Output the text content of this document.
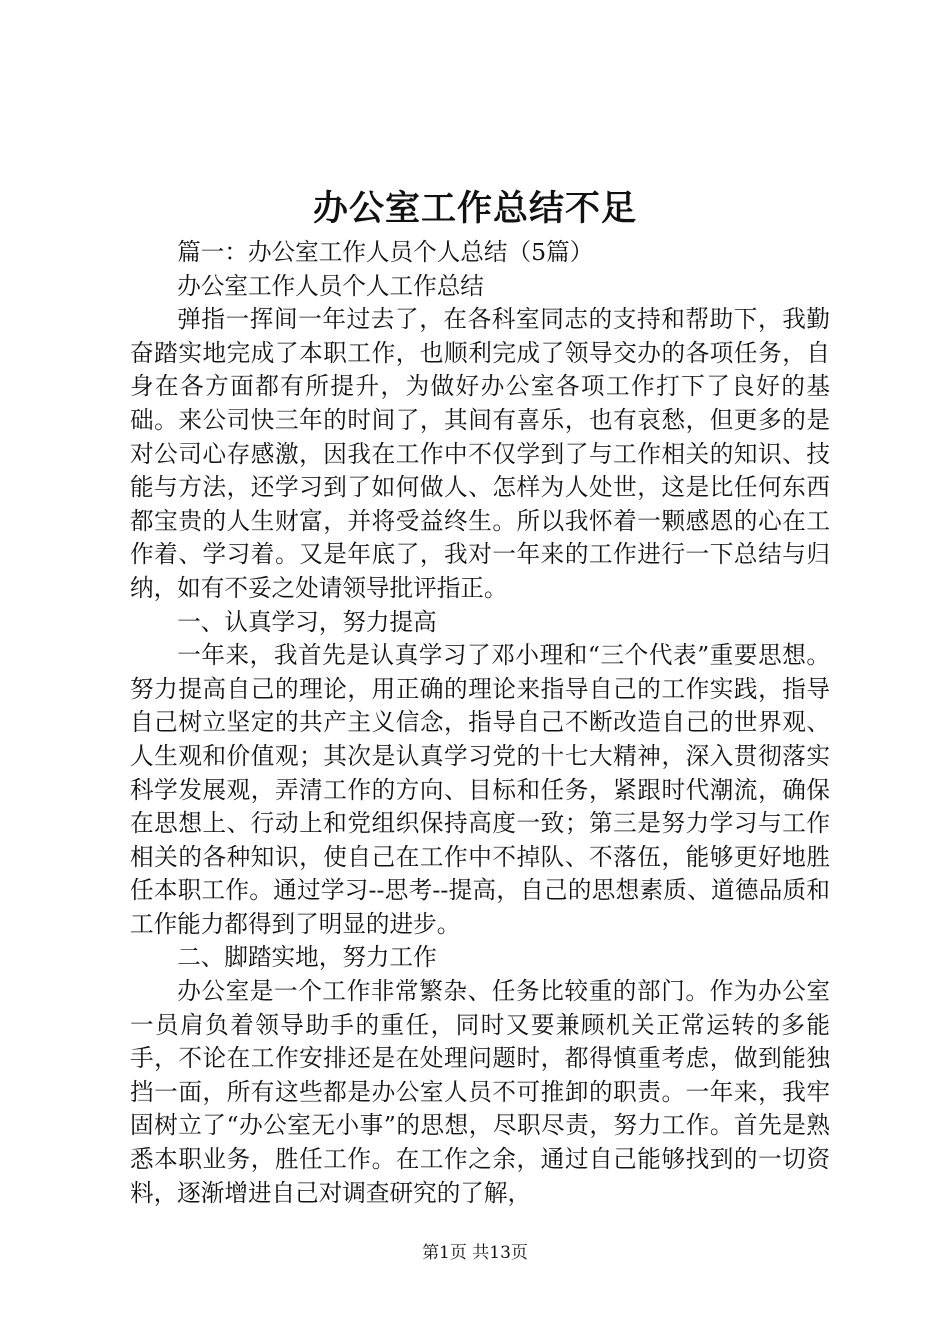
办公室工作总结不足

篇一：办公室工作人员个人总结（5篇）

办公室工作人员个人工作总结

弹指一挥间一年过去了，在各科室同志的支持和帮助下，我勤奋踏实地完成了本职工作，也顺利完成了领导交办的各项任务，自身在各方面都有所提升，为做好办公室各项工作打下了良好的基础。来公司快三年的时间了，其间有喜乐，也有哀愁，但更多的是对公司心存感激，因我在工作中不仅学到了与工作相关的知识、技能与方法，还学习到了如何做人、怎样为人处世，这是比任何东西都宝贵的人生财富，并将受益终生。所以我怀着一颗感恩的心在工作着、学习着。又是年底了，我对一年来的工作进行一下总结与归纳，如有不妥之处请领导批评指正。

一、认真学习，努力提高

一年来，我首先是认真学习了邓小理和“三个代表”重要思想。努力提高自己的理论，用正确的理论来指导自己的工作实践，指导自己树立坚定的共产主义信念，指导自己不断改造自己的世界观、人生观和价值观；其次是认真学习党的十七大精神，深入贯彻落实科学发展观，弄清工作的方向、目标和任务，紧跟时代潮流，确保在思想上、行动上和党组织保持高度一致；第三是努力学习与工作相关的各种知识，使自己在工作中不掉队、不落伍，能够更好地胜任本职工作。通过学习--思考--提高，自己的思想素质、道德品质和工作能力都得到了明显的进步。

二、脚踏实地，努力工作

办公室是一个工作非常繁杂、任务比较重的部门。作为办公室一员肩负着领导助手的重任，同时又要兼顾机关正常运转的多能手，不论在工作安排还是在处理问题时，都得慎重考虑，做到能独挡一面，所有这些都是办公室人员不可推卸的职责。一年来，我牢固树立了“办公室无小事”的思想，尽职尽责，努力工作。首先是熟悉本职业务，胜任工作。在工作之余，通过自己能够找到的一切资料，逐渐增进自己对调查研究的了解，

第1页 共13页
